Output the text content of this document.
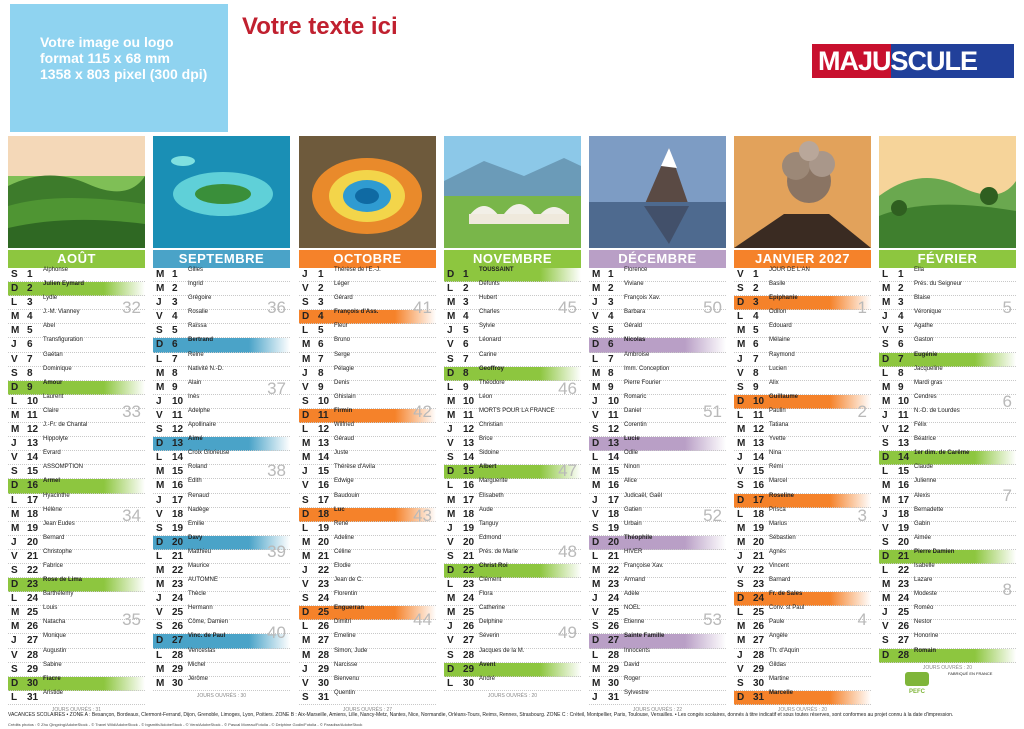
Votre image ou logo
format 115 x 68 mm
1358 x 803 pixel (300 dpi)
Votre texte ici
MAJU SCULE
AOÛT
S 1	Alphonse
D 2	Julien Eymard
L 3	Lydie
M 4	J.-M. Vianney
M 5	Abel
J	6	Transfiguration
V 7	Gaétan
S 8	Dominique
D 9	Amour
L 10 Laurent
M 11 Claire
M 12 J.-Fr. de Chantal
J	13 Hippolyte
V 14 Évrard
S 15 ASSOMPTION
D 16 Armel
L 17 Hyacinthe
M 18 Hélène
M 19 Jean Eudes
J	20 Bernard
V 21 Christophe
S 22 Fabrice
D 23 Rose de Lima
L 24 Barthélemy
M 25 Louis
M 26 Natacha
J	27 Monique
V 28 Augustin
S 29 Sabine
D 30 Fiacre
L 31 Aristide
32
33
34
35
JOURS OUVRÉS : 31
SEPTEMBRE
M 1	Gilles
M 2	Ingrid
J	3	Grégoire
V 4	Rosalie
S 5	Raïssa
D 6	Bertrand
L 7	Reine
M 8	Nativité N.-D.
M 9	Alain
J	10 Inès
V 11 Adelphe
S 12 Apollinaire
D 13 Aimé
L 14 Croix Glorieuse
M 15 Roland
M 16 Édith
J	17 Renaud
V 18 Nadège
S 19 Émilie
D 20 Davy
L 21 Matthieu
M 22 Maurice
M 23 AUTOMNE
J	24 Thècle
V 25 Hermann
S 26 Côme, Damien
D 27 Vinc. de Paul
L 28 Venceslas
M 29 Michel
M 30 Jérôme
36
37
38
39
40
JOURS OUVRÉS : 30
OCTOBRE
J	1	Thérèse de l'E.-J.
V 2	Léger
S 3	Gérard
D 4	François d'Ass.
L 5	Fleur
M 6	Bruno
M 7	Serge
J	8	Pélagie
V 9	Denis
S 10 Ghislain
D 11 Firmin
L 12 Wilfried
M 13 Géraud
M 14 Juste
J	15 Thérèse d'Avila
V 16 Edwige
S 17 Baudouin
D 18 Luc
L 19 René
M 20 Adeline
M 21 Céline
J	22 Élodie
V 23 Jean de C.
S 24 Florentin
D 25 Enguerran
L 26 Dimitri
M 27 Émeline
M 28 Simon, Jude
J	29 Narcisse
V 30 Bienvenu
S 31 Quentin
41
42
43
44
JOURS OUVRÉS : 27
NOVEMBRE
D 1	TOUSSAINT
L 2	Défunts
M 3	Hubert
M 4	Charles
J	5	Sylvie
V 6	Léonard
S 7	Carine
D 8	Geoffroy
L 9	Théodore
M 10 Léon
M 11 MORTS POUR LA FRANCE
J	12 Christian
V 13 Brice
S 14 Sidoine
D 15 Albert
L 16 Marguerite
M 17 Élisabeth
M 18 Aude
J	19 Tanguy
V 20 Edmond
S 21 Prés. de Marie
D 22 Christ Roi
L 23 Clément
M 24 Flora
M 25 Catherine
J	26 Delphine
V 27 Séverin
S 28 Jacques de la M.
D 29 Avent
L 30 André
45
46
47
48
49
JOURS OUVRÉS : 20
DÉCEMBRE
M 1	Florence
M 2	Viviane
J	3	François Xav.
V 4	Barbara
S 5	Gérald
D 6	Nicolas
L 7	Ambroise
M 8	Imm. Conception
M 9	Pierre Fourier
J	10 Romaric
V 11 Daniel
S 12 Corentin
D 13 Lucie
L 14 Odile
M 15 Ninon
M 16 Alice
J	17 Judicaël, Gaël
V 18 Gatien
S 19 Urbain
D 20 Théophile
L 21 HIVER
M 22 Françoise Xav.
M 23 Armand
J	24 Adèle
V 25 NOËL
S 26 Étienne
D 27 Sainte Famille
L 28 Innocents
M 29 David
M 30 Roger
J	31 Sylvestre
50
51
52
53
JOURS OUVRÉS : 22
JANVIER 2027
V 1	JOUR DE L'AN
S 2	Basile
D 3	Épiphanie
L 4	Odilon
M 5	Édouard
M 6	Mélaine
J	7	Raymond
V 8	Lucien
S 9	Alix
D 10 Guillaume
L 11 Paulin
M 12 Tatiana
M 13 Yvette
J	14 Nina
V 15 Rémi
S 16 Marcel
D 17 Roseline
L 18 Prisca
M 19 Marius
M 20 Sébastien
J	21 Agnès
V 22 Vincent
S 23 Barnard
D 24 Fr. de Sales
L 25 Conv. st Paul
M 26 Paule
M 27 Angèle
J	28 Th. d'Aquin
V 29 Gildas
S 30 Martine
D 31 Marcelle
1
2
3
4
JOURS OUVRÉS : 20
FÉVRIER
L 1	Ella
M 2	Prés. du Seigneur
M 3	Blaise
J	4	Véronique
V 5	Agathe
S 6	Gaston
D 7	Eugénie
L 8	Jacqueline
M 9	Mardi gras
M 10 Cendres
J	11 N.-D. de Lourdes
V 12 Félix
S 13 Béatrice
D 14 1er dim. de Carême
L 15 Claude
M 16 Julienne
M 17 Alexis
J	18 Bernadette
V 19 Gabin
S 20 Aimée
D 21 Pierre Damien
L 22 Isabelle
M 23 Lazare
M 24 Modeste
J	25 Roméo
V 26 Nestor
S 27 Honorine
D 28 Romain
5
6
7
8
JOURS OUVRÉS : 20
VACANCES SCOLAIRES • ZONE A : Besançon, Bordeaux, Clermont-Ferrand, Dijon, Grenoble, Limoges, Lyon, Poitiers. ZONE B : Aix-Marseille, Amiens, Lille, Nancy-Metz, Nantes, Nice, Normandie, Orléans-Tours, Reims, Rennes, Strasbourg. ZONE C : Créteil, Montpellier, Paris, Toulouse, Versailles. • Les congés scolaires, donnés à titre indicatif et sous toutes réserves, sont conformes au projet connu à la date d'impression.
Crédits photos : © Zhu Qingxing/AdobeStock - © Travel Wild/AdobeStock - © bgsmith/AdobeStock - © Vera/AdobeStock - © Pascal Moreau/Fotolia - © Delphine Godin/Fotolia - © Paradise/AdobeStock
PEFC
FABRIQUÉ EN FRANCE
